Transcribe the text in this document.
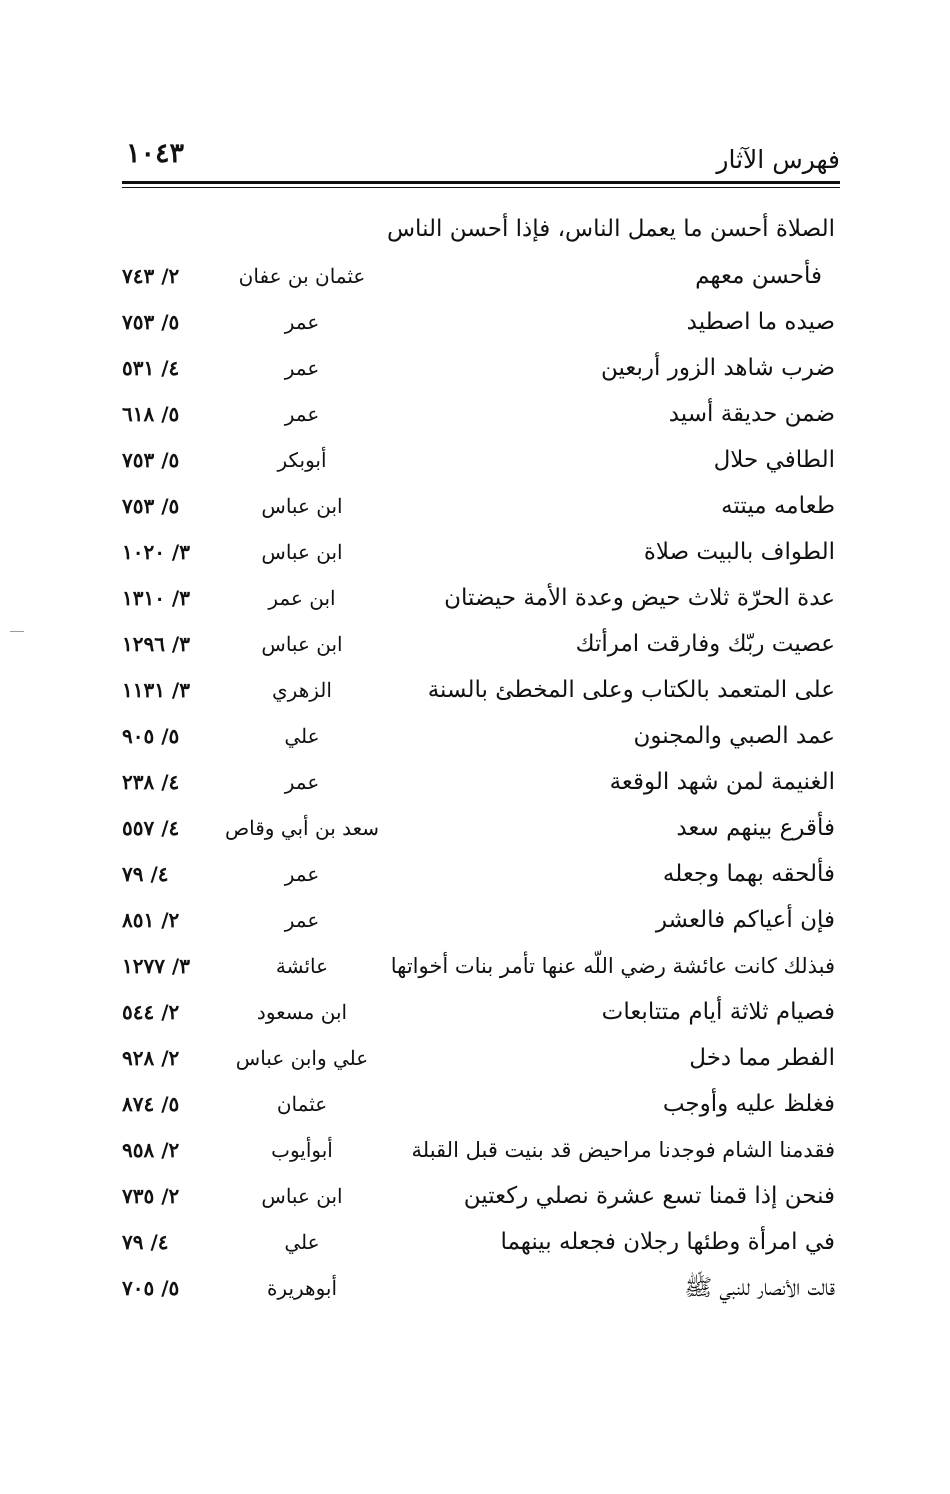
فهرس الآثار
١٠٤٣
الصلاة أحسن ما يعمل الناس، فإذا أحسن الناس
فأحسن معهم
عثمان بن عفان
٢/ ٧٤٣
صيده ما اصطيد
عمر
٥/ ٧٥٣
ضرب شاهد الزور أربعين
عمر
٤/ ٥٣١
ضمن حديقة أسيد
عمر
٥/ ٦١٨
الطافي حلال
أبوبكر
٥/ ٧٥٣
طعامه ميتته
ابن عباس
٥/ ٧٥٣
الطواف بالبيت صلاة
ابن عباس
٣/ ١٠٢٠
عدة الحرّة ثلاث حيض وعدة الأمة حيضتان
ابن عمر
٣/ ١٣١٠
عصيت ربّك وفارقت امرأتك
ابن عباس
٣/ ١٢٩٦
على المتعمد بالكتاب وعلى المخطئ بالسنة
الزهري
٣/ ١١٣١
عمد الصبي والمجنون
علي
٥/ ٩٠٥
الغنيمة لمن شهد الوقعة
عمر
٤/ ٢٣٨
فأقرع بينهم سعد
سعد بن أبي وقاص
٤/ ٥٥٧
فألحقه بهما وجعله
عمر
٤/ ٧٩
فإن أعياكم فالعشر
عمر
٢/ ٨٥١
فبذلك كانت عائشة رضي اللّه عنها تأمر بنات أخواتها
عائشة
٣/ ١٢٧٧
فصيام ثلاثة أيام متتابعات
ابن مسعود
٢/ ٥٤٤
الفطر مما دخل
علي وابن عباس
٢/ ٩٢٨
فغلظ عليه وأوجب
عثمان
٥/ ٨٧٤
فقدمنا الشام فوجدنا مراحيض قد بنيت قبل القبلة
أبوأيوب
٢/ ٩٥٨
فنحن إذا قمنا تسع عشرة نصلي ركعتين
ابن عباس
٢/ ٧٣٥
في امرأة وطئها رجلان فجعله بينهما
علي
٤/ ٧٩
قالت الأنصار للنبي ﷺ
أبوهريرة
٥/ ٧٠٥
